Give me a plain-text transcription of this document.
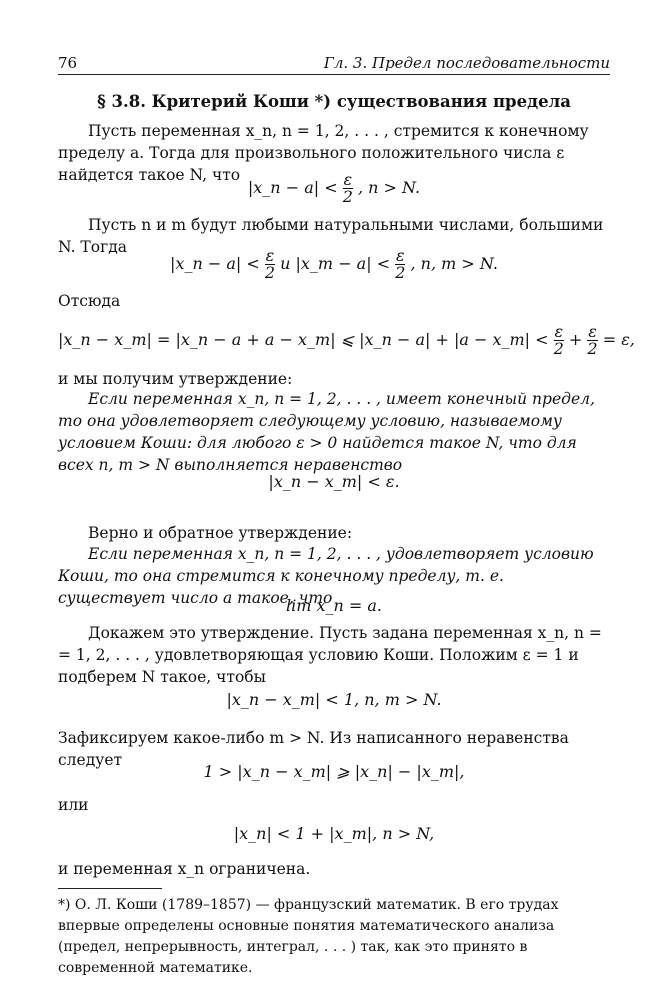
76	Гл. 3. Предел последовательности
§ 3.8. Критерий Коши *) существования предела
Пусть переменная x_n, n = 1, 2, . . . , стремится к конечному пределу a. Тогда для произвольного положительного числа ε найдется такое N, что
|x_n − $a| < \frac{\varepsilon}{2}$ , n > N.
Пусть n и m будут любыми натуральными числами, большими N. Тогда
|x_n − $a| < \frac{\varepsilon}{2}$ и |x_m − $a| < \frac{\varepsilon}{2}$ , n, m > N.
Отсюда
|x_n − x_m| = |x_n − a + a − x_m| ⩽ |x_n − a| + |a − x_m| < $\frac{\varepsilon}{2} + \frac{\varepsilon}{2} = \varepsilon$,
и мы получим утверждение:
Если переменная x_n, n = 1, 2, . . . , имеет конечный предел, то она удовлетворяет следующему условию, называемому условием Коши: для любого ε > 0 найдется такое N, что для всех n, m > N выполняется неравенство
|x_n − x_m| < ε.
Верно и обратное утверждение:
Если переменная x_n, n = 1, 2, . . . , удовлетворяет условию Коши, то она стремится к конечному пределу, т. е. существует число a такое, что
lim x_n = a.
Докажем это утверждение. Пусть задана переменная x_n, n = = 1, 2, . . . , удовлетворяющая условию Коши. Положим ε = 1 и подберем N такое, чтобы
|x_n − x_m| < 1, n, m > N.
Зафиксируем какое-либо m > N. Из написанного неравенства следует
1 > |x_n − x_m| ⩾ |x_n| − |x_m|,
или
|x_n| < 1 + |x_m|, n > N,
и переменная x_n ограничена.
*) О. Л. Коши (1789–1857) — французский математик. В его трудах впервые определены основные понятия математического анализа (предел, непрерывность, интеграл, . . . ) так, как это принято в современной математике.
